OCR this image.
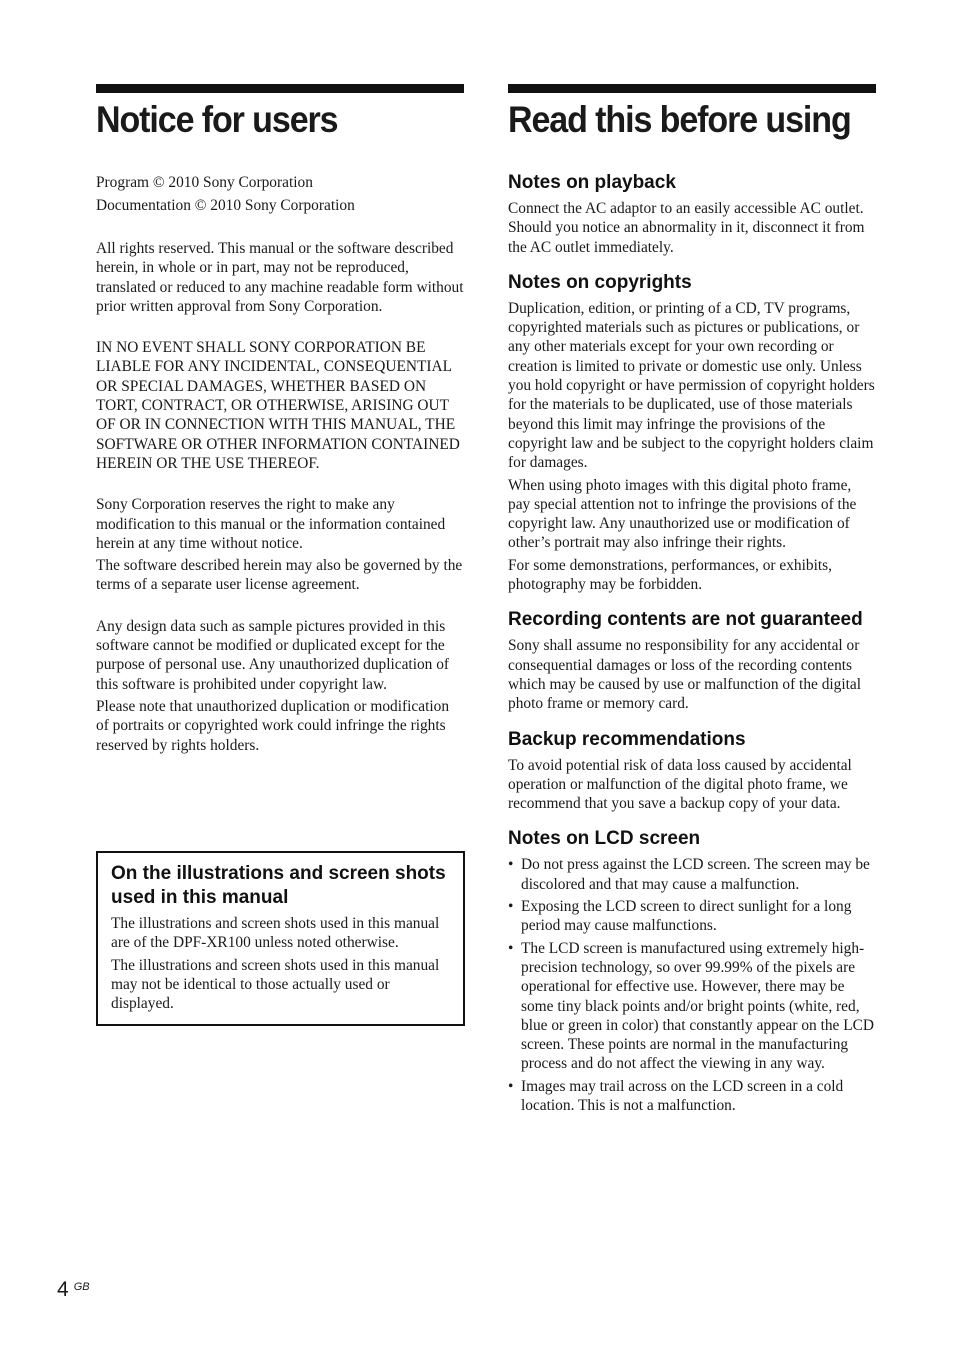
Notice for users
Program © 2010 Sony Corporation
Documentation © 2010 Sony Corporation

All rights reserved. This manual or the software described herein, in whole or in part, may not be reproduced, translated or reduced to any machine readable form without prior written approval from Sony Corporation.

IN NO EVENT SHALL SONY CORPORATION BE LIABLE FOR ANY INCIDENTAL, CONSEQUENTIAL OR SPECIAL DAMAGES, WHETHER BASED ON TORT, CONTRACT, OR OTHERWISE, ARISING OUT OF OR IN CONNECTION WITH THIS MANUAL, THE SOFTWARE OR OTHER INFORMATION CONTAINED HEREIN OR THE USE THEREOF.

Sony Corporation reserves the right to make any modification to this manual or the information contained herein at any time without notice.

The software described herein may also be governed by the terms of a separate user license agreement.

Any design data such as sample pictures provided in this software cannot be modified or duplicated except for the purpose of personal use. Any unauthorized duplication of this software is prohibited under copyright law.

Please note that unauthorized duplication or modification of portraits or copyrighted work could infringe the rights reserved by rights holders.

On the illustrations and screen shots used in this manual

The illustrations and screen shots used in this manual are of the DPF-XR100 unless noted otherwise.

The illustrations and screen shots used in this manual may not be identical to those actually used or displayed.

Read this before using
Notes on playback

Connect the AC adaptor to an easily accessible AC outlet. Should you notice an abnormality in it, disconnect it from the AC outlet immediately.

Notes on copyrights

Duplication, edition, or printing of a CD, TV programs, copyrighted materials such as pictures or publications, or any other materials except for your own recording or creation is limited to private or domestic use only. Unless you hold copyright or have permission of copyright holders for the materials to be duplicated, use of those materials beyond this limit may infringe the provisions of the copyright law and be subject to the copyright holders claim for damages.

When using photo images with this digital photo frame, pay special attention not to infringe the provisions of the copyright law. Any unauthorized use or modification of other’s portrait may also infringe their rights.

For some demonstrations, performances, or exhibits, photography may be forbidden.

Recording contents are not guaranteed

Sony shall assume no responsibility for any accidental or consequential damages or loss of the recording contents which may be caused by use or malfunction of the digital photo frame or memory card.

Backup recommendations

To avoid potential risk of data loss caused by accidental operation or malfunction of the digital photo frame, we recommend that you save a backup copy of your data.

Notes on LCD screen
• Do not press against the LCD screen. The screen may be discolored and that may cause a malfunction.
• Exposing the LCD screen to direct sunlight for a long period may cause malfunctions.
• The LCD screen is manufactured using extremely high-precision technology, so over 99.99% of the pixels are operational for effective use. However, there may be some tiny black points and/or bright points (white, red, blue or green in color) that constantly appear on the LCD screen. These points are normal in the manufacturing process and do not affect the viewing in any way.
• Images may trail across on the LCD screen in a cold location. This is not a malfunction.
4 $^{GB}$
